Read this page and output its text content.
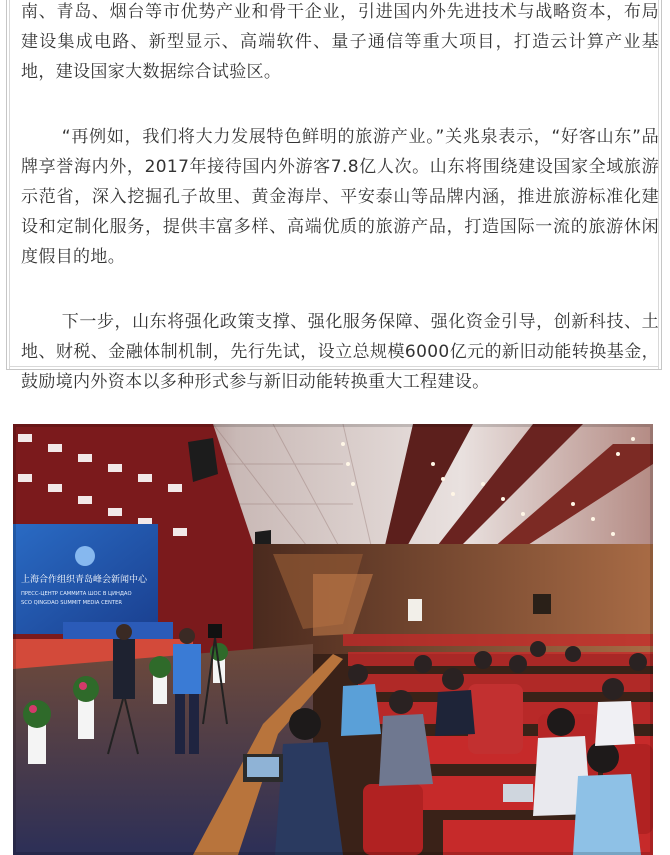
南、青岛、烟台等市优势产业和骨干企业，引进国内外先进技术与战略资本，布局建设集成电路、新型显示、高端软件、量子通信等重大项目，打造云计算产业基地，建设国家大数据综合试验区。

“再例如，我们将大力发展特色鲜明的旅游产业。”关兆泉表示，“好客山东”品牌享誉海内外，2017年接待国内外游客7.8亿人次。山东将围绕建设国家全域旅游示范省，深入挖掘孔子故里、黄金海岸、平安泰山等品牌内涵，推进旅游标准化建设和定制化服务，提供丰富多样、高端优质的旅游产品，打造国际一流的旅游休闲度假目的地。

下一步，山东将强化政策支撑、强化服务保障、强化资金引导，创新科技、土地、财税、金融体制机制，先行先试，设立总规模6000亿元的新旧动能转换基金，鼓励境内外资本以多种形式参与新旧动能转换重大工程建设。

上海合作组织青岛峰会新闻中心
ПРЕСС-ЦЕНТР САММИТА ШОС В ЦИНДАО
SCO QINGDAO SUMMIT MEDIA CENTER
